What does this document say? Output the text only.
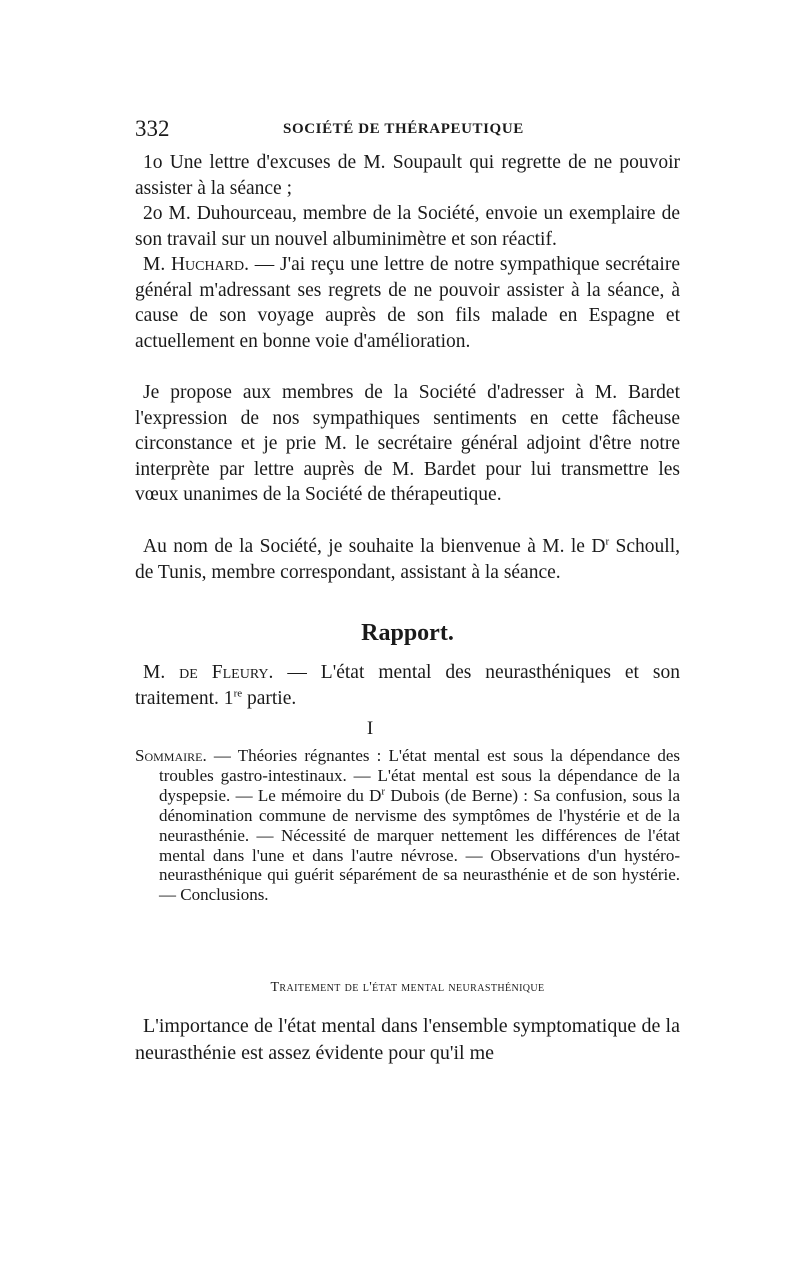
332	SOCIÉTÉ DE THÉRAPEUTIQUE

1o Une lettre d'excuses de M. Soupault qui regrette de ne pouvoir assister à la séance ;

2o M. Duhourceau, membre de la Société, envoie un exemplaire de son travail sur un nouvel albuminimètre et son réactif.

M. Huchard. — J'ai reçu une lettre de notre sympathique secrétaire général m'adressant ses regrets de ne pouvoir assister à la séance, à cause de son voyage auprès de son fils malade en Espagne et actuellement en bonne voie d'amélioration.

Je propose aux membres de la Société d'adresser à M. Bardet l'expression de nos sympathiques sentiments en cette fâcheuse circonstance et je prie M. le secrétaire général adjoint d'être notre interprète par lettre auprès de M. Bardet pour lui transmettre les vœux unanimes de la Société de thérapeutique.

Au nom de la Société, je souhaite la bienvenue à M. le $D^r$ Schoull, de Tunis, membre correspondant, assistant à la séance.

Rapport.

M. de Fleury. — L'état mental des neurasthéniques et son traitement. 1re partie.

I

Sommaire. — Théories régnantes : L'état mental est sous la dépendance des troubles gastro-intestinaux. — L'état mental est sous la dépendance de la dyspepsie. — Le mémoire du $D^r$ Dubois (de Berne) : Sa confusion, sous la dénomination commune de nervisme des symptômes de l'hystérie et de la neurasthénie. — Nécessité de marquer nettement les différences de l'état mental dans l'une et dans l'autre névrose. — Observations d'un hystéro-neurasthénique qui guérit séparément de sa neurasthénie et de son hystérie. — Conclusions.

Traitement de l'état mental neurasthénique

L'importance de l'état mental dans l'ensemble symptomatique de la neurasthénie est assez évidente pour qu'il me
